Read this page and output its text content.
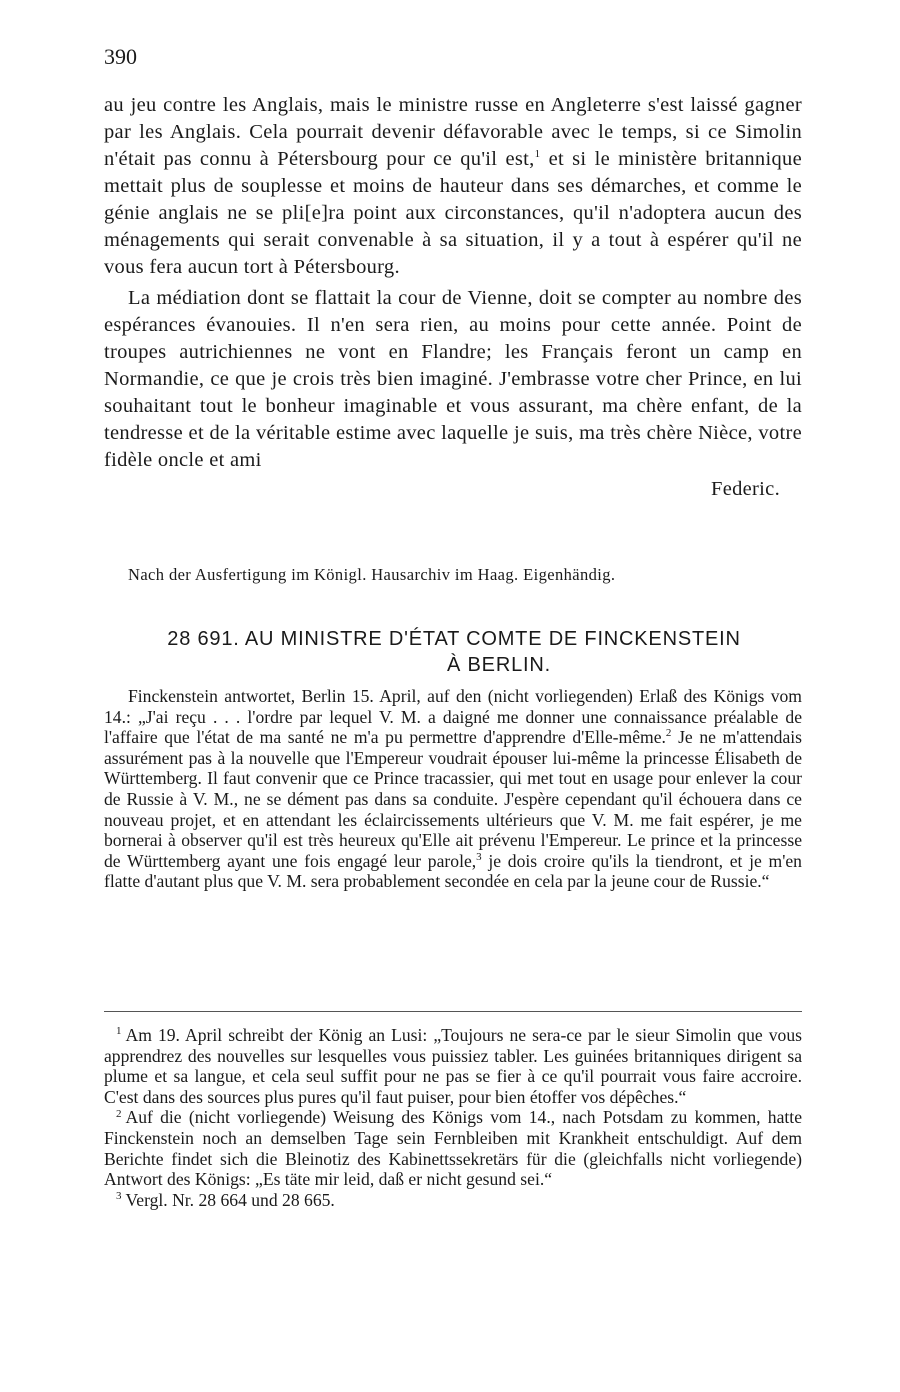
390

au jeu contre les Anglais, mais le ministre russe en Angleterre s'est laissé gagner par les Anglais. Cela pourrait devenir défavorable avec le temps, si ce Simolin n'était pas connu à Pétersbourg pour ce qu'il est,$^1$ et si le ministère britannique mettait plus de souplesse et moins de hauteur dans ses démarches, et comme le génie anglais ne se pli[e]ra point aux circonstances, qu'il n'adoptera aucun des ménagements qui serait convenable à sa situation, il y a tout à espérer qu'il ne vous fera aucun tort à Pétersbourg.

La médiation dont se flattait la cour de Vienne, doit se compter au nombre des espérances évanouies. Il n'en sera rien, au moins pour cette année. Point de troupes autrichiennes ne vont en Flandre; les Français feront un camp en Normandie, ce que je crois très bien imaginé. J'embrasse votre cher Prince, en lui souhaitant tout le bonheur imaginable et vous assurant, ma chère enfant, de la tendresse et de la véritable estime avec laquelle je suis, ma très chère Nièce, votre fidèle oncle et ami

Federic.
Nach der Ausfertigung im Königl. Hausarchiv im Haag. Eigenhändig.
28 691. AU MINISTRE D'ÉTAT COMTE DE FINCKENSTEIN

À BERLIN.

Finckenstein antwortet, Berlin 15. April, auf den (nicht vorliegenden) Erlaß des Königs vom 14.: „J'ai reçu . . . l'ordre par lequel V. M. a daigné me donner une connaissance préalable de l'affaire que l'état de ma santé ne m'a pu permettre d'apprendre d'Elle-même.$^2$ Je ne m'attendais assurément pas à la nouvelle que l'Empereur voudrait épouser lui-même la princesse Élisabeth de Württemberg. Il faut convenir que ce Prince tracassier, qui met tout en usage pour enlever la cour de Russie à V. M., ne se dément pas dans sa conduite. J'espère cependant qu'il échouera dans ce nouveau projet, et en attendant les éclaircissements ultérieurs que V. M. me fait espérer, je me bornerai à observer qu'il est très heureux qu'Elle ait prévenu l'Empereur. Le prince et la princesse de Württemberg ayant une fois engagé leur parole,$^3$ je dois croire qu'ils la tiendront, et je m'en flatte d'autant plus que V. M. sera probablement secondée en cela par la jeune cour de Russie.“

$^1$ Am 19. April schreibt der König an Lusi: „Toujours ne sera-ce par le sieur Simolin que vous apprendrez des nouvelles sur lesquelles vous puissiez tabler. Les guinées britanniques dirigent sa plume et sa langue, et cela seul suffit pour ne pas se fier à ce qu'il pourrait vous faire accroire. C'est dans des sources plus pures qu'il faut puiser, pour bien étoffer vos dépêches.“

$^2$ Auf die (nicht vorliegende) Weisung des Königs vom 14., nach Potsdam zu kommen, hatte Finckenstein noch an demselben Tage sein Fernbleiben mit Krankheit entschuldigt. Auf dem Berichte findet sich die Bleinotiz des Kabinettssekretärs für die (gleichfalls nicht vorliegende) Antwort des Königs: „Es täte mir leid, daß er nicht gesund sei.“

$^3$ Vergl. Nr. 28 664 und 28 665.
